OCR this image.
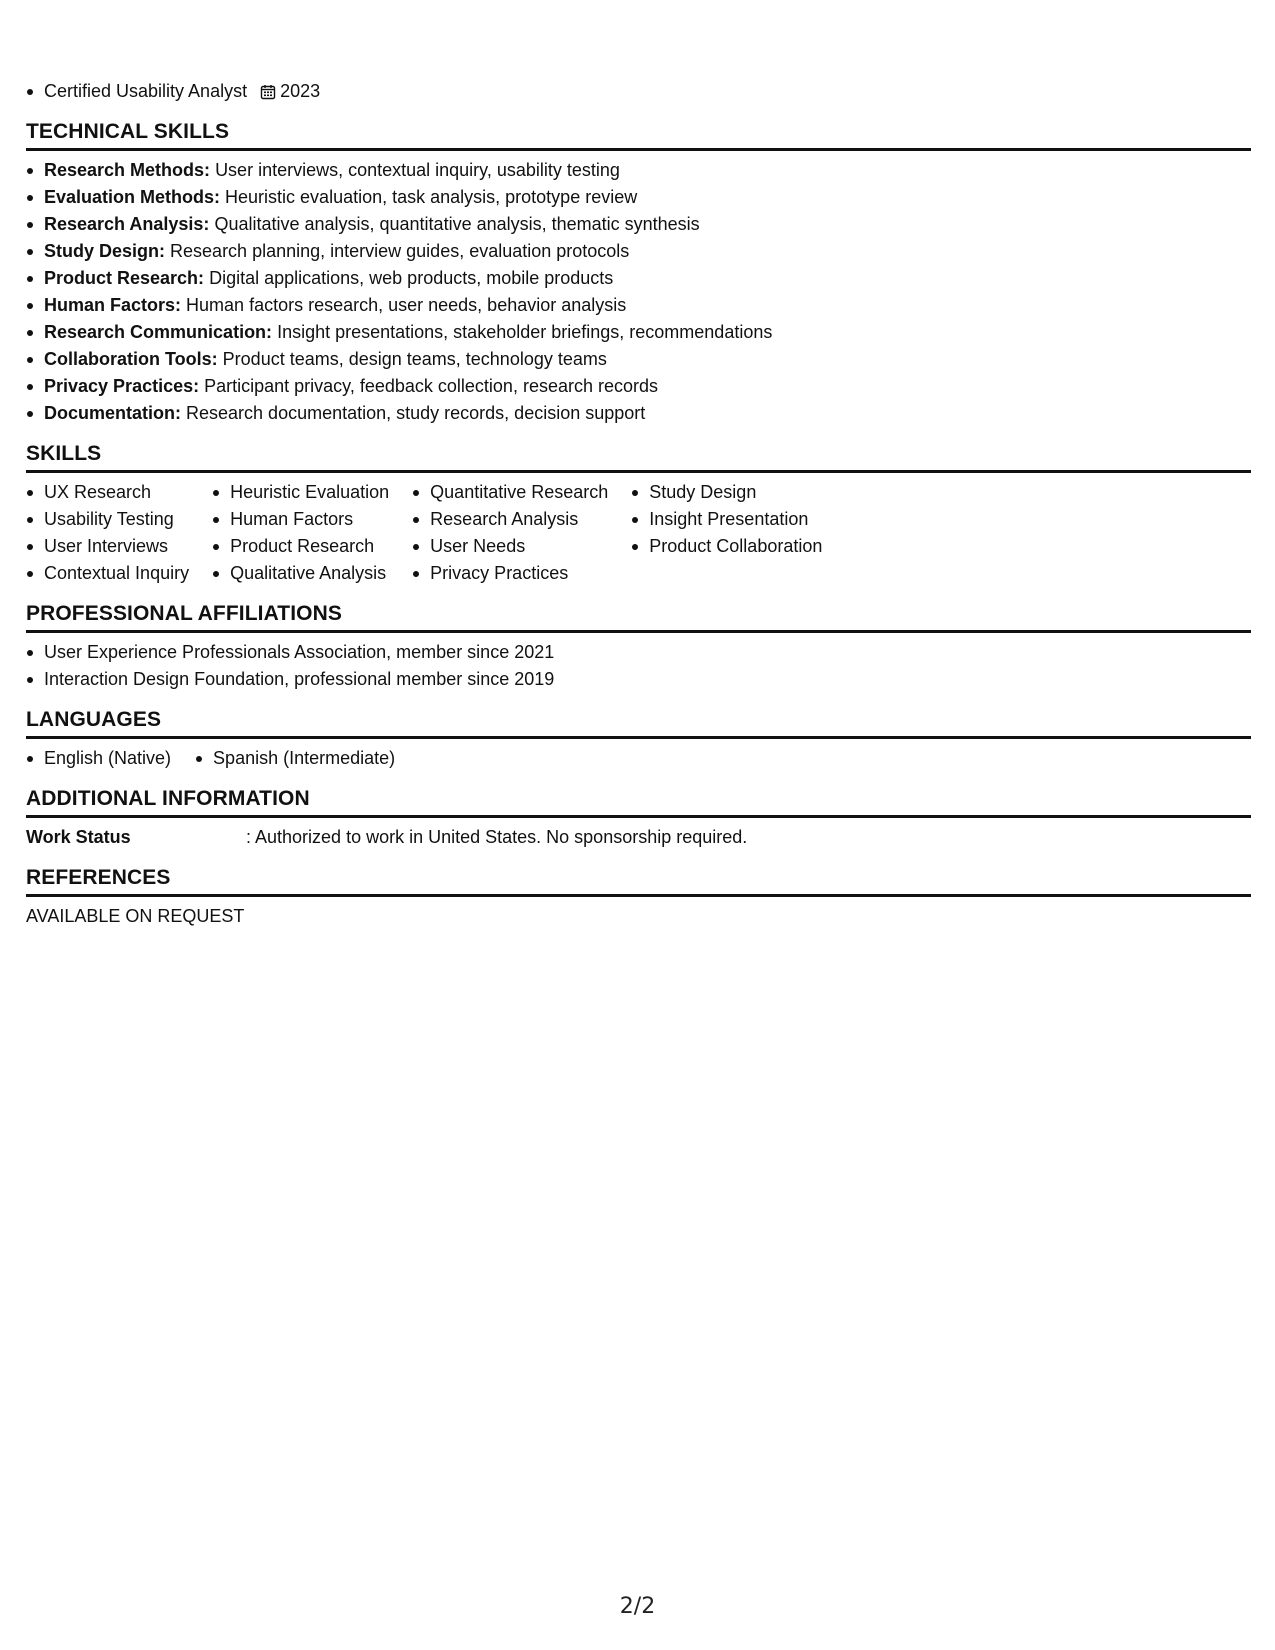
Certified Usability Analyst 2023
TECHNICAL SKILLS
Research Methods: User interviews, contextual inquiry, usability testing
Evaluation Methods: Heuristic evaluation, task analysis, prototype review
Research Analysis: Qualitative analysis, quantitative analysis, thematic synthesis
Study Design: Research planning, interview guides, evaluation protocols
Product Research: Digital applications, web products, mobile products
Human Factors: Human factors research, user needs, behavior analysis
Research Communication: Insight presentations, stakeholder briefings, recommendations
Collaboration Tools: Product teams, design teams, technology teams
Privacy Practices: Participant privacy, feedback collection, research records
Documentation: Research documentation, study records, decision support
SKILLS
UX Research
Usability Testing
User Interviews
Contextual Inquiry
Heuristic Evaluation
Human Factors
Product Research
Qualitative Analysis
Quantitative Research
Research Analysis
User Needs
Privacy Practices
Study Design
Insight Presentation
Product Collaboration
PROFESSIONAL AFFILIATIONS
User Experience Professionals Association, member since 2021
Interaction Design Foundation, professional member since 2019
LANGUAGES
English (Native)	Spanish (Intermediate)
ADDITIONAL INFORMATION
Work Status	: Authorized to work in United States. No sponsorship required.
REFERENCES
AVAILABLE ON REQUEST
2/2
